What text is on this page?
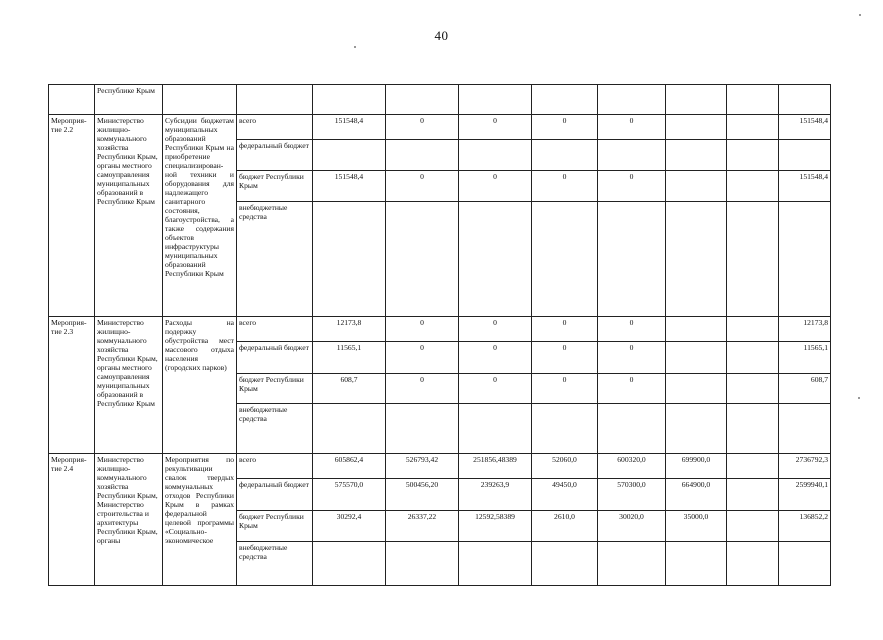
40
	Республике Крым										
Мероприя-тие 2.2	Министерство жилищно-коммунального хозяйства Республики Крым, органы местного самоуправления муниципальных образований в Республике Крым	Субсидии бюджетам муниципальных образований Республики Крым на приобретение специализирован-ной техники и оборудования для надлежащего санитарного состояния, благоустройства, а также содержания объектов инфраструктуры муниципальных образований Республики Крым	всего	151548,4	0	0	0	0			151548,4
			федеральный бюджет								
			бюджет Республики Крым	151548,4	0	0	0	0			151548,4
			внебюджетные средства								
Мероприя-тие 2.3	Министерство жилищно-коммунального хозяйства Республики Крым, органы местного самоуправления муниципальных образований в Республике Крым	Расходы на подержку обустройства мест массового отдыха населения (городских парков)	всего	12173,8	0	0	0	0			12173,8
			федеральный бюджет	11565,1	0	0	0	0			11565,1
			бюджет Республики Крым	608,7	0	0	0	0			608,7
			внебюджетные средства								
Мероприя-тие 2.4	Министерство жилищно-коммунального хозяйства Республики Крым, Министерство строительства и архитектуры Республики Крым, органы	Мероприятия по рекультивации свалок твердых коммунальных отходов Республики Крым в рамках федеральной целевой программы «Социально-экономическое	всего	605862,4	526793,42	251856,48389	52060,0	600320,0	699900,0		2736792,3
			федеральный бюджет	575570,0	500456,20	239263,9	49450,0	570300,0	664900,0		2599940,1
			бюджет Республики Крым	30292,4	26337,22	12592,58389	2610,0	30020,0	35000,0		136852,2
			внебюджетные средства								
